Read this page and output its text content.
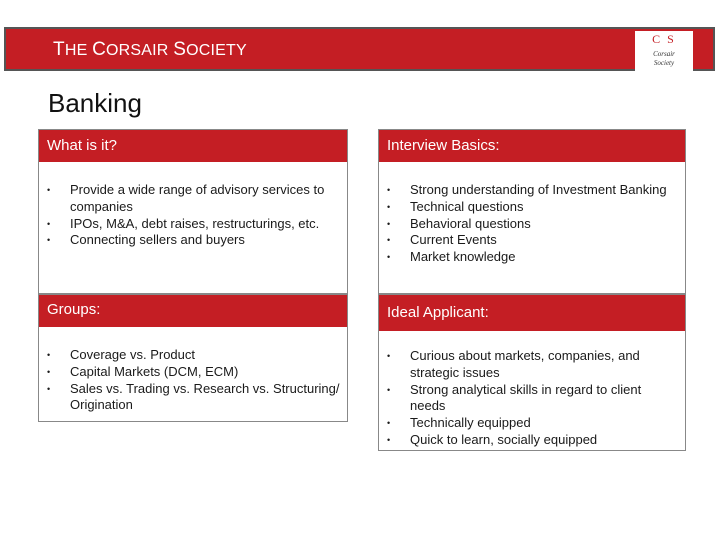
THE CORSAIR SOCIETY
C S
Corsair
Society
Banking
What is it?
• Provide a wide range of advisory services to companies
• IPOs, M&A, debt raises, restructurings, etc.
• Connecting sellers and buyers
Interview Basics:
• Strong understanding of Investment Banking
• Technical questions
• Behavioral questions
• Current Events
• Market knowledge
Groups:
• Coverage vs. Product
• Capital Markets (DCM, ECM)
• Sales vs. Trading vs. Research vs. Structuring/ Origination
Ideal Applicant:
• Curious about markets, companies, and strategic issues
• Strong analytical skills in regard to client needs
• Technically equipped
• Quick to learn, socially equipped
